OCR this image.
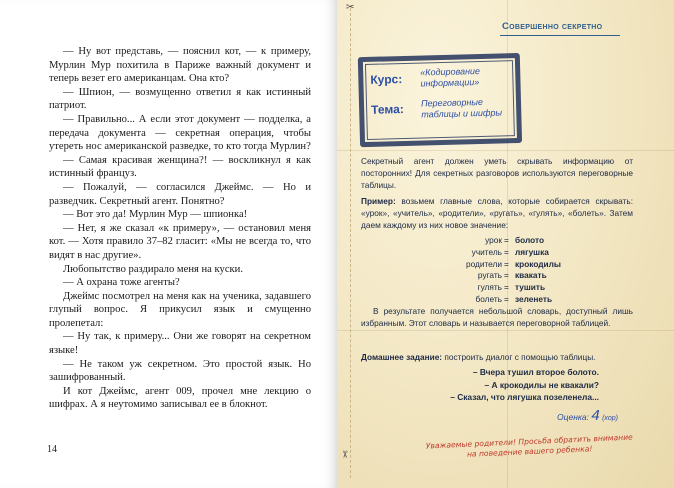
— Ну вот представь, — пояснил кот, — к примеру, Мурлин Мур похитила в Париже важный документ и теперь везет его американцам. Она кто?

— Шпион, — возмущенно ответил я как истинный патриот.

— Правильно... А если этот документ — подделка, а передача документа — секретная операция, чтобы утереть нос американской разведке, то кто тогда Мурлин?

— Самая красивая женщина?! — воскликнул я как истинный француз.

— Пожалуй, — согласился Джеймс. — Но и разведчик. Секретный агент. Понятно?

— Вот это да! Мурлин Мур — шпионка!

— Нет, я же сказал «к примеру», — остановил меня кот. — Хотя правило 37–82 гласит: «Мы не всегда то, что видят в нас другие».

Любопытство раздирало меня на куски.

— А охрана тоже агенты?

Джеймс посмотрел на меня как на ученика, задавшего глупый вопрос. Я прикусил язык и смущенно пролепетал:

— Ну так, к примеру... Они же говорят на секретном языке!

— Не таком уж секретном. Это простой язык. Но зашифрованный.

И кот Джеймс, агент 009, прочел мне лекцию о шифрах. А я неутомимо записывал ее в блокнот.

14
✂
✂
Совершенно секретно
Курс:
«Кодирование информации»
Тема: Переговорные таблицы и шифры
Секретный агент должен уметь скрывать информацию от посторонних! Для секретных разговоров используются переговорные таблицы.
Пример: возьмем главные слова, которые собирается скрывать: «урок», «учитель», «родители», «ругать», «гулять», «болеть». Затем даем каждому из них новое значение:
урок = болото
учитель = лягушка
родители = крокодилы
ругать = квакать
гулять = тушить
болеть = зеленеть
В результате получается небольшой словарь, доступный лишь избранным. Этот словарь и называется переговорной таблицей.
Домашнее задание: построить диалог с помощью таблицы.
– Вчера тушил второе болото.
– А крокодилы не квакали?
– Сказал, что лягушка позеленела...
Оценка: 4 (хор)
Уважаемые родители! Просьба обратить внимание на поведение вашего ребенка!
